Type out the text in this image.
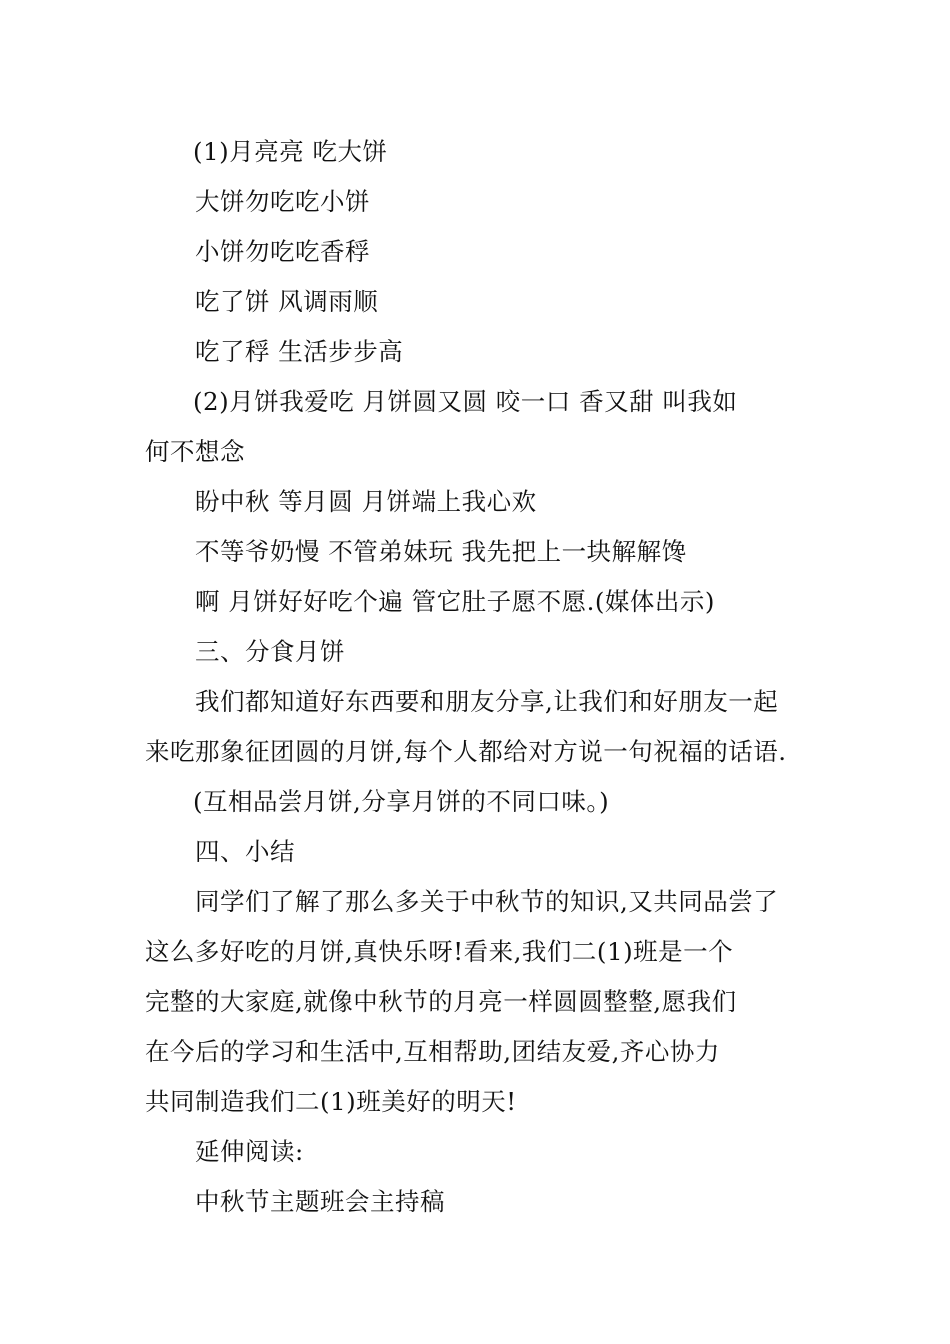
(1)月亮亮 吃大饼

大饼勿吃吃小饼

小饼勿吃吃香稃

吃了饼 风调雨顺

吃了稃 生活步步高

(2)月饼我爱吃 月饼圆又圆 咬一口 香又甜 叫我如

何不想念

盼中秋 等月圆 月饼端上我心欢

不等爷奶慢 不管弟妹玩 我先把上一块解解馋

啊 月饼好好吃个遍 管它肚子愿不愿.(媒体出示)

三、分食月饼

我们都知道好东西要和朋友分享,让我们和好朋友一起

来吃那象征团圆的月饼,每个人都给对方说一句祝福的话语.

(互相品尝月饼,分享月饼的不同口味。)

四、小结

同学们了解了那么多关于中秋节的知识,又共同品尝了

这么多好吃的月饼,真快乐呀!看来,我们二(1)班是一个

完整的大家庭,就像中秋节的月亮一样圆圆整整,愿我们

在今后的学习和生活中,互相帮助,团结友爱,齐心协力

共同制造我们二(1)班美好的明天!

延伸阅读:

中秋节主题班会主持稿
